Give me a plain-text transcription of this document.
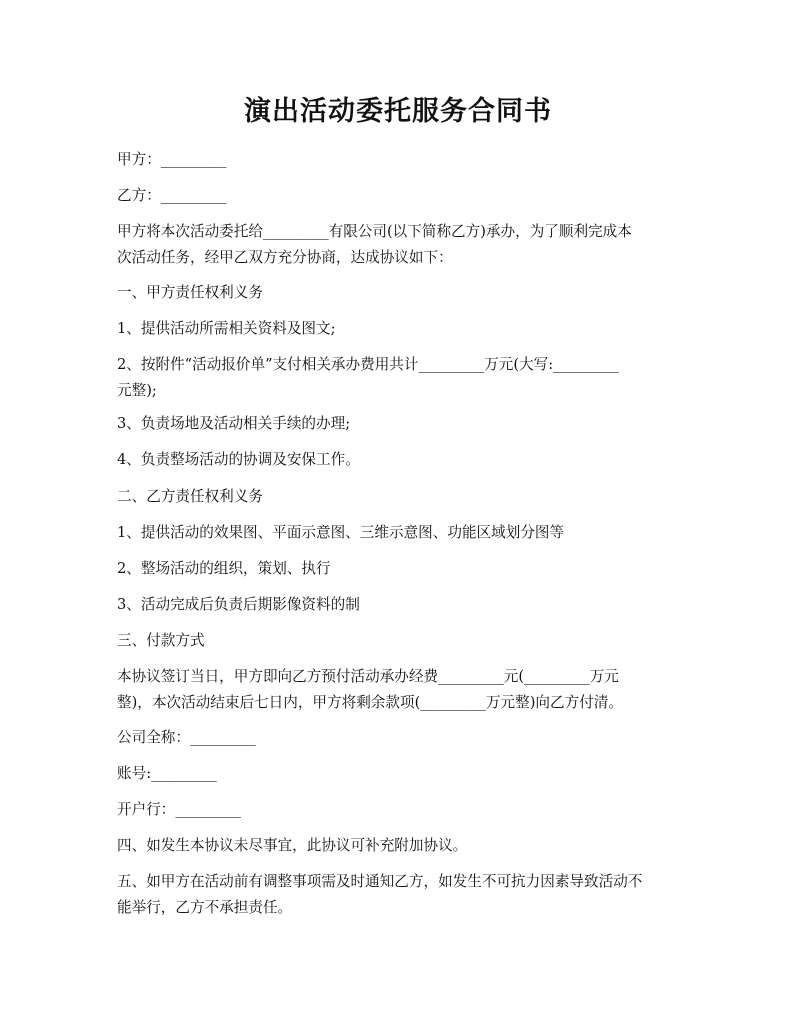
演出活动委托服务合同书

甲方：_________

乙方：_________

甲方将本次活动委托给_________有限公司(以下简称乙方)承办，为了顺利完成本
次活动任务，经甲乙双方充分协商，达成协议如下：

一、甲方责任权利义务

1、提供活动所需相关资料及图文;

2、按附件“活动报价单”支付相关承办费用共计_________万元(大写:_________
元整);

3、负责场地及活动相关手续的办理;

4、负责整场活动的协调及安保工作。

二、乙方责任权利义务

1、提供活动的效果图、平面示意图、三维示意图、功能区域划分图等

2、整场活动的组织，策划、执行

3、活动完成后负责后期影像资料的制

三、付款方式

本协议签订当日，甲方即向乙方预付活动承办经费_________元(_________万元
整)，本次活动结束后七日内，甲方将剩余款项(_________万元整)向乙方付清。

公司全称：_________

账号:_________

开户行：_________

四、如发生本协议未尽事宜，此协议可补充附加协议。

五、如甲方在活动前有调整事项需及时通知乙方，如发生不可抗力因素导致活动不
能举行，乙方不承担责任。
